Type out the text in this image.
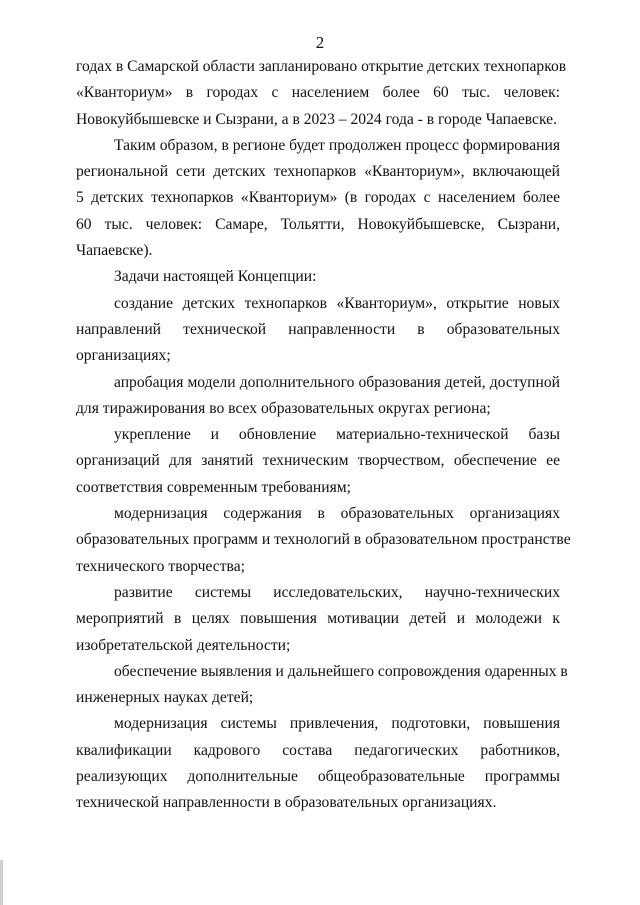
2
годах в Самарской области запланировано открытие детских технопарков
«Кванториум» в городах с населением более 60 тыс. человек:
Новокуйбышевске и Сызрани, а в 2023 – 2024 года - в городе Чапаевске.
Таким образом, в регионе будет продолжен процесс формирования
региональной сети детских технопарков «Кванториум», включающей
5 детских технопарков «Кванториум» (в городах с населением более
60 тыс. человек: Самаре, Тольятти, Новокуйбышевске, Сызрани,
Чапаевске).
Задачи настоящей Концепции:
создание детских технопарков «Кванториум», открытие новых
направлений технической направленности в образовательных
организациях;
апробация модели дополнительного образования детей, доступной
для тиражирования во всех образовательных округах региона;
укрепление и обновление материально-технической базы
организаций для занятий техническим творчеством, обеспечение ее
соответствия современным требованиям;
модернизация содержания в образовательных организациях
образовательных программ и технологий в образовательном пространстве
технического творчества;
развитие системы исследовательских, научно-технических
мероприятий в целях повышения мотивации детей и молодежи к
изобретательской деятельности;
обеспечение выявления и дальнейшего сопровождения одаренных в
инженерных науках детей;
модернизация системы привлечения, подготовки, повышения
квалификации кадрового состава педагогических работников,
реализующих дополнительные общеобразовательные программы
технической направленности в образовательных организациях.
